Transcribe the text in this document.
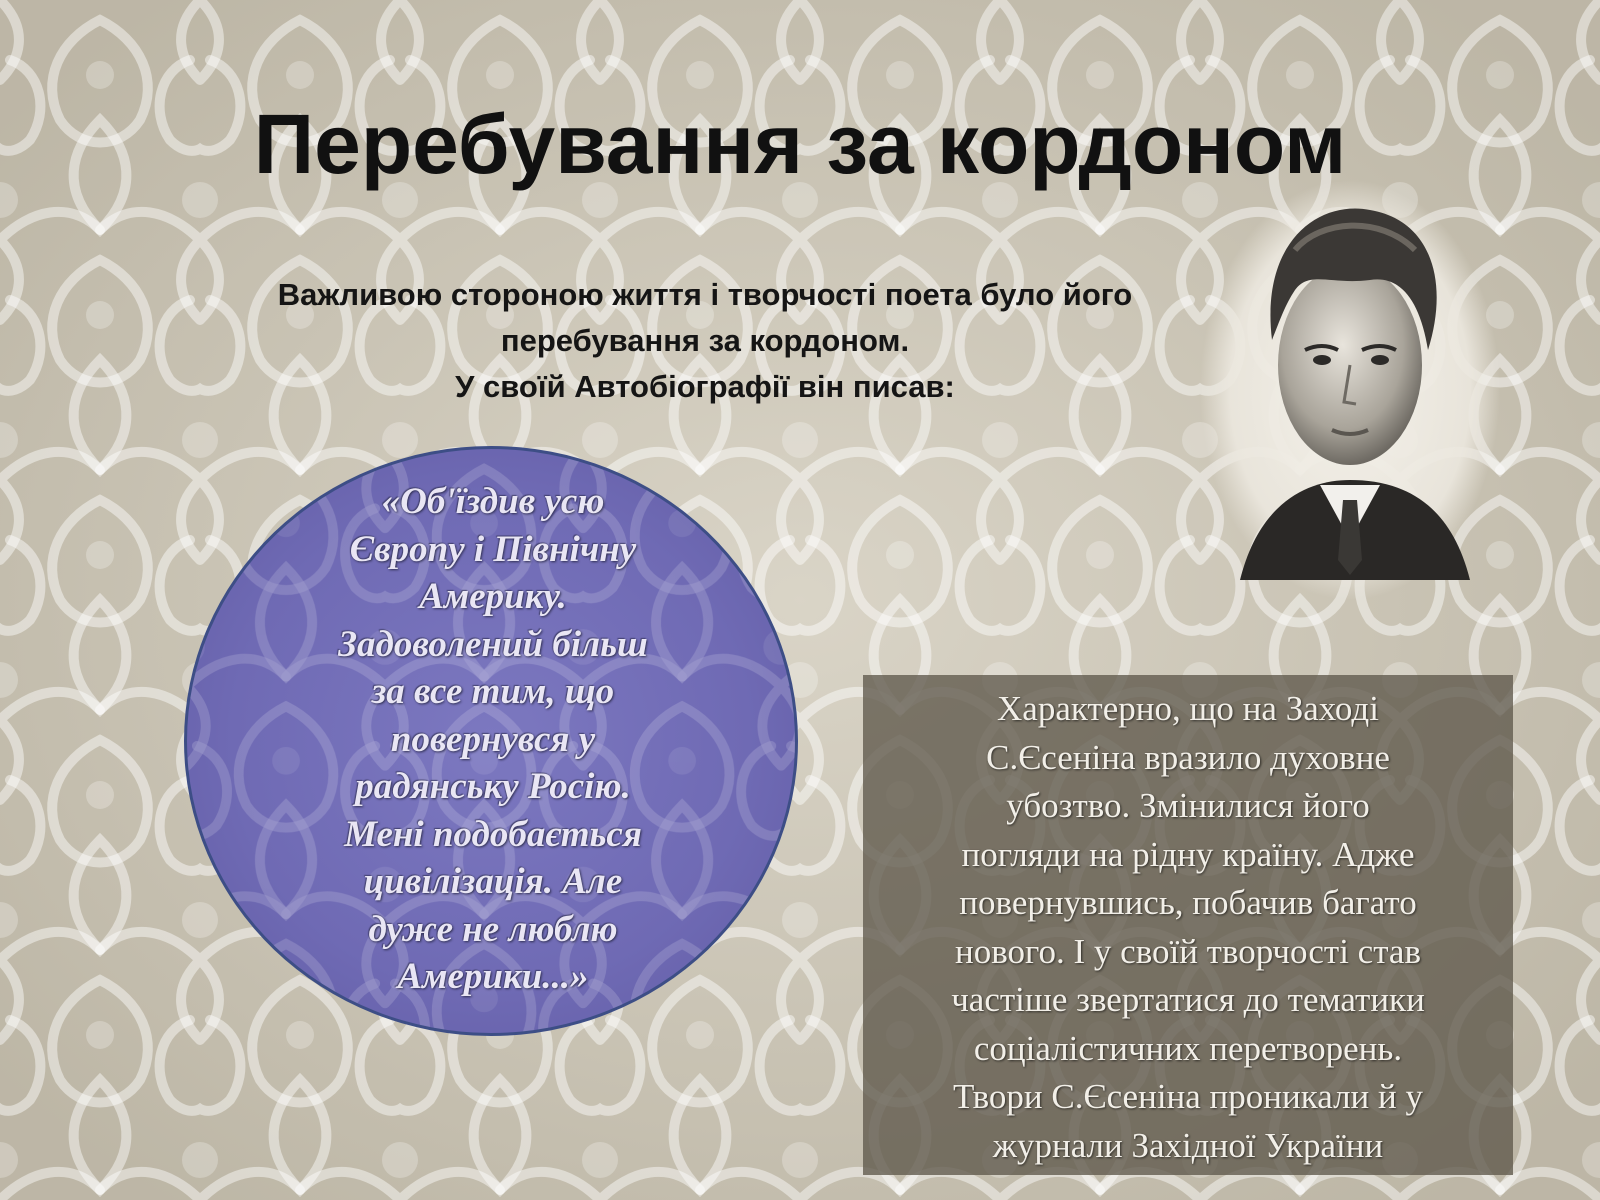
Перебування за кордоном
Важливою стороною життя і творчості поета було його
перебування за кордоном.
У своїй Автобіографії він писав:
«Об'їздив усю
Європу і Північну
Америку.
Задоволений більш
за все тим, що
повернувся у
радянську Росію.
Мені подобається
цивілізація. Але
дуже не люблю
Америки...»
Характерно, що на Заході
С.Єсеніна вразило духовне
убозтво. Змінилися його
погляди на рідну країну. Адже
повернувшись, побачив багато
нового. І у своїй творчості став
частіше звертатися до тематики
соціалістичних перетворень.
Твори С.Єсеніна проникали й у
журнали Західної України
